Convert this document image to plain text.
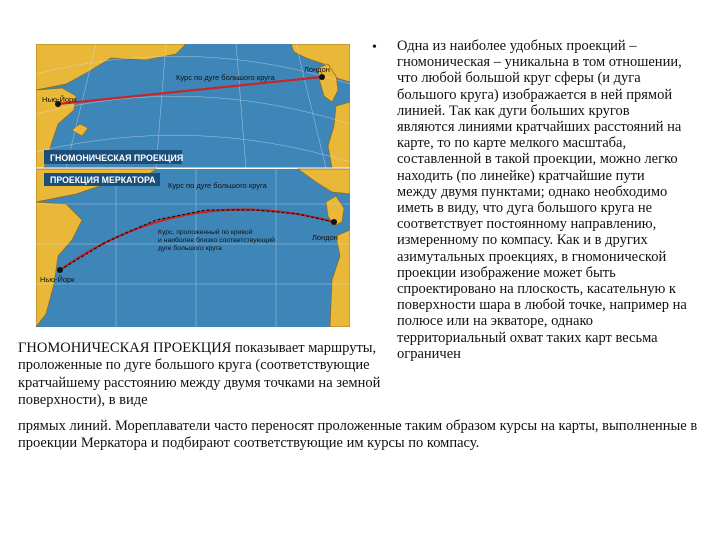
Нью-Йорк
Лондон
Курс по дуге большого круга
ГНОМОНИЧЕСКАЯ ПРОЕКЦИЯ
ПРОЕКЦИЯ МЕРКАТОРА
Курс по дуге большого круга
Курс, проложенный по кривой
и наиболее близко соответствующий
дуге большого круга
Нью-Йорк
Лондон
• Одна из наиболее удобных проекций – гномоническая – уникальна в том отношении, что любой большой круг сферы (и дуга большого круга) изображается в ней прямой линией. Так как дуги больших кругов являются линиями кратчайших расстояний на карте, то по карте мелкого масштаба, составленной в такой проекции, можно легко находить (по линейке) кратчайшие пути между двумя пунктами; однако необходимо иметь в виду, что дуга большого круга не соответствует постоянному направлению, измеренному по компасу. Как и в других азимутальных проекциях, в гномонической проекции изображение может быть спроектировано на плоскость, касательную к поверхности шара в любой точке, например на полюсе или на экваторе, однако территориальный охват таких карт весьма ограничен

ГНОМОНИЧЕСКАЯ ПРОЕКЦИЯ показывает маршруты, проложенные по дуге большого круга (соответствующие кратчайшему расстоянию между двумя точками на земной поверхности), в виде

прямых линий. Мореплаватели часто переносят проложенные таким образом курсы на карты, выполненные в проекции Меркатора и подбирают соответствующие им курсы по компасу.
